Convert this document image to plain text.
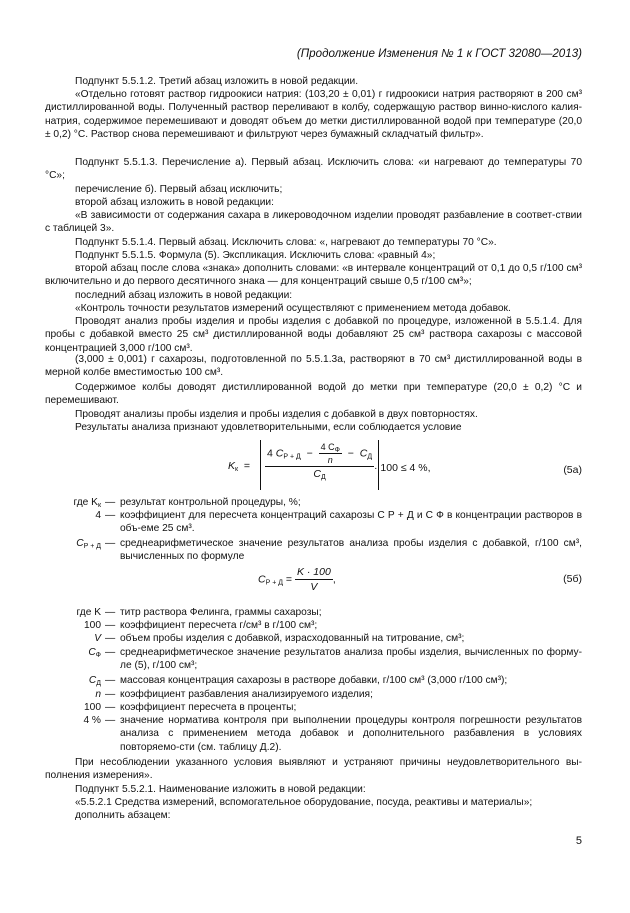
(Продолжение Изменения № 1 к ГОСТ 32080—2013)
Подпункт 5.5.1.2. Третий абзац изложить в новой редакции.
«Отдельно готовят раствор гидроокиси натрия: (103,20 ± 0,01) г гидроокиси натрия растворяют в 200 см³ дистиллированной воды. Полученный раствор переливают в колбу, содержащую раствор винно-кислого калия-натрия, содержимое перемешивают и доводят объем до метки дистиллированной водой при температуре (20,0 ± 0,2) °С. Раствор снова перемешивают и фильтруют через бумажный складчатый фильтр».
Подпункт 5.5.1.3. Перечисление а). Первый абзац. Исключить слова: «и нагревают до температуры 70 °С»;
перечисление б). Первый абзац исключить;
второй абзац изложить в новой редакции:
«В зависимости от содержания сахара в ликероводочном изделии проводят разбавление в соответ-ствии с таблицей 3».
Подпункт 5.5.1.4. Первый абзац. Исключить слова: «, нагревают до температуры 70 °С».
Подпункт 5.5.1.5. Формула (5). Экспликация. Исключить слова: «равный 4»;
второй абзац после слова «знака» дополнить словами: «в интервале концентраций от 0,1 до 0,5 г/100 см³ включительно и до первого десятичного знака — для концентраций свыше 0,5 г/100 см³»;
последний абзац изложить в новой редакции:
«Контроль точности результатов измерений осуществляют с применением метода добавок.
Проводят анализ пробы изделия и пробы изделия с добавкой по процедуре, изложенной в 5.5.1.4. Для пробы с добавкой вместо 25 см³ дистиллированной воды добавляют 25 см³ раствора сахарозы с массовой концентрацией 3,000 г/100 см³.
(3,000 ± 0,001) г сахарозы, подготовленной по 5.5.1.3а, растворяют в 70 см³ дистиллированной воды в мерной колбе вместимостью 100 см³.
Содержимое колбы доводят дистиллированной водой до метки при температуре (20,0 ± 0,2) °С и перемешивают.
Проводят анализы пробы изделия и пробы изделия с добавкой в двух повторностях.
Результаты анализа признают удовлетворительными, если соблюдается условие
$K_к$  =
4 $C_{Р + Д} - \frac{4 C_Ф}{n} - C_Д$
$C_Д$
· 100 ≤ 4 %,	(5а)
где $K_к$ — результат контрольной процедуры, %;
4 — коэффициент для пересчета концентраций сахарозы C Р + Д и C Ф в концентрации растворов в объ-еме 25 см³.
$C_{Р + Д}$ — среднеарифметическое значение результатов анализа пробы изделия с добавкой, г/100 см³, вычисленных по формуле
$C_{Р + Д} = \frac{K \cdot 100}{V}$ ,	(5б)
где K — титр раствора Фелинга, граммы сахарозы;
100 — коэффициент пересчета г/см³ в г/100 см³;
V — объем пробы изделия с добавкой, израсходованный на титрование, см³;
$C_Ф$ — среднеарифметическое значение результатов анализа пробы изделия, вычисленных по форму-ле (5), г/100 см³;
$C_Д$ — массовая концентрация сахарозы в растворе добавки, г/100 см³ (3,000 г/100 см³);
n — коэффициент разбавления анализируемого изделия;
100 — коэффициент пересчета в проценты;
4 % — значение норматива контроля при выполнении процедуры контроля погрешности результатов анализа с применением метода добавок и дополнительного разбавления в условиях повторяемо-сти (см. таблицу Д.2).
При несоблюдении указанного условия выявляют и устраняют причины неудовлетворительного вы-полнения измерения».
Подпункт 5.5.2.1. Наименование изложить в новой редакции:
«5.5.2.1 Средства измерений, вспомогательное оборудование, посуда, реактивы и материалы»;
дополнить абзацем:
5
